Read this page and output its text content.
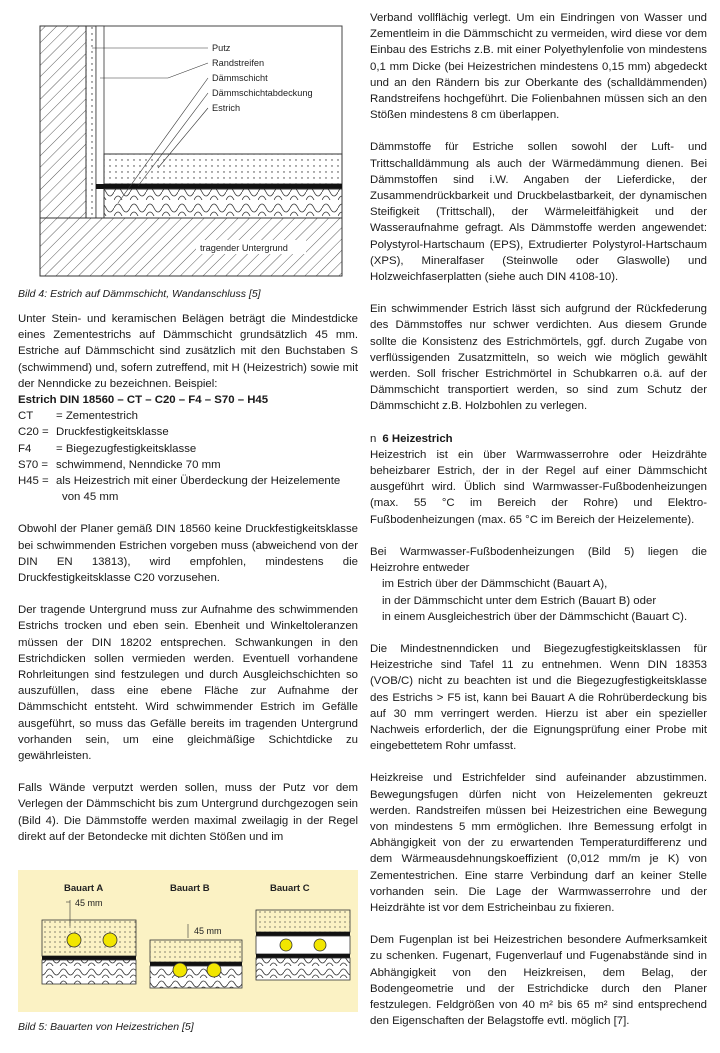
Putz
Randstreifen
Dämmschicht
Dämmschichtabdeckung
Estrich
tragender Untergrund
Bild 4: Estrich auf Dämmschicht, Wandanschluss [5]

Unter Stein- und keramischen Belägen beträgt die Mindestdicke eines Zementestrichs auf Dämmschicht grundsätzlich 45 mm. Estriche auf Dämmschicht sind zusätzlich mit den Buchstaben S (schwimmend) und, sofern zutreffend, mit H (Heizestrich) sowie mit der Nenndicke zu bezeichnen. Beispiel:

Estrich DIN 18560 – CT – C20 – F4 – S70 – H45

CT	= Zementestrich
C20 = Druckfestigkeitsklasse
F4	= Biegezugfestigkeitsklasse
S70 = schwimmend, Nenndicke 70 mm
H45 = als Heizestrich mit einer Überdeckung der Heizelemente
von 45 mm

Obwohl der Planer gemäß DIN 18560 keine Druckfestigkeitsklasse bei schwimmenden Estrichen vorgeben muss (abweichend von der DIN EN 13813), wird empfohlen, mindestens die Druckfestigkeitsklasse C20 vorzusehen.

Der tragende Untergrund muss zur Aufnahme des schwimmenden Estrichs trocken und eben sein. Ebenheit und Winkeltoleranzen müssen der DIN 18202 entsprechen. Schwankungen in den Estrichdicken sollen vermieden werden. Eventuell vorhandene Rohrleitungen sind festzulegen und durch Ausgleichschichten so auszufüllen, dass eine ebene Fläche zur Aufnahme der Dämmschicht entsteht. Wird schwimmender Estrich im Gefälle ausgeführt, so muss das Gefälle bereits im tragenden Untergrund vorhanden sein, um eine gleichmäßige Schichtdicke zu gewährleisten.

Falls Wände verputzt werden sollen, muss der Putz vor dem Verlegen der Dämmschicht bis zum Untergrund durchgezogen sein (Bild 4). Die Dämmstoffe werden maximal zweilagig in der Regel direkt auf der Betondecke mit dichten Stößen und im

Bauart A	Bauart B	Bauart C
45 mm
45 mm
Bild 5: Bauarten von Heizestrichen [5]

Verband vollflächig verlegt. Um ein Eindringen von Wasser und Zementleim in die Dämmschicht zu vermeiden, wird diese vor dem Einbau des Estrichs z.B. mit einer Polyethylenfolie von mindestens 0,1 mm Dicke (bei Heizestrichen mindestens 0,15 mm) abgedeckt und an den Rändern bis zur Oberkante des (schalldämmenden) Randstreifens hochgeführt. Die Folienbahnen müssen sich an den Stößen mindestens 8 cm überlappen.

Dämmstoffe für Estriche sollen sowohl der Luft- und Trittschalldämmung als auch der Wärmedämmung dienen. Bei Dämmstoffen sind i.W. Angaben der Lieferdicke, der Zusammendrückbarkeit und Druckbelastbarkeit, der dynamischen Steifigkeit (Trittschall), der Wärmeleitfähigkeit und der Wasseraufnahme gefragt. Als Dämmstoffe werden angewendet: Polystyrol-Hartschaum (EPS), Extrudierter Polystyrol-Hartschaum (XPS), Mineralfaser (Steinwolle oder Glaswolle) und Holzweichfaserplatten (siehe auch DIN 4108-10).

Ein schwimmender Estrich lässt sich aufgrund der Rückfederung des Dämmstoffes nur schwer verdichten. Aus diesem Grunde sollte die Konsistenz des Estrichmörtels, ggf. durch Zugabe von verflüssigenden Zusatzmitteln, so weich wie möglich gewählt werden. Soll frischer Estrichmörtel in Schubkarren o.ä. auf der Dämmschicht transportiert werden, so sind zum Schutz der Dämmschicht z.B. Holzbohlen zu verlegen.

n 6 Heizestrich

Heizestrich ist ein über Warmwasserrohre oder Heizdrähte beheizbarer Estrich, der in der Regel auf einer Dämmschicht ausgeführt wird. Üblich sind Warmwasser-Fußbodenheizungen (max. 55 °C im Bereich der Rohre) und Elektro-Fußbodenheizungen (max. 65 °C im Bereich der Heizelemente).

Bei Warmwasser-Fußbodenheizungen (Bild 5) liegen die Heizrohre entweder

im Estrich über der Dämmschicht (Bauart A),

in der Dämmschicht unter dem Estrich (Bauart B) oder

in einem Ausgleichestrich über der Dämmschicht (Bauart C).

Die Mindestnenndicken und Biegezugfestigkeitsklassen für Heizestriche sind Tafel 11 zu entnehmen. Wenn DIN 18353 (VOB/C) nicht zu beachten ist und die Biegezugfestigkeitsklasse des Estrichs > F5 ist, kann bei Bauart A die Rohrüberdeckung bis auf 30 mm verringert werden. Hierzu ist aber ein spezieller Nachweis erforderlich, der die Eignungsprüfung einer Probe mit eingebettetem Rohr umfasst.

Heizkreise und Estrichfelder sind aufeinander abzustimmen. Bewegungsfugen dürfen nicht von Heizelementen gekreuzt werden. Randstreifen müssen bei Heizestrichen eine Bewegung von mindestens 5 mm ermöglichen. Ihre Bemessung erfolgt in Abhängigkeit von der zu erwartenden Temperaturdifferenz und dem Wärmeausdehnungskoeffizient (0,012 mm/m je K) von Zementestrichen. Eine starre Verbindung darf an keiner Stelle vorhanden sein. Die Lage der Warmwasserrohre und der Heizdrähte ist vor dem Estricheinbau zu fixieren.

Dem Fugenplan ist bei Heizestrichen besondere Aufmerksamkeit zu schenken. Fugenart, Fugenverlauf und Fugenabstände sind in Abhängigkeit von den Heizkreisen, dem Belag, der Bodengeometrie und der Estrichdicke durch den Planer festzulegen. Feldgrößen von 40 m² bis 65 m² sind entsprechend den Eigenschaften der Belagstoffe evtl. möglich [7].
